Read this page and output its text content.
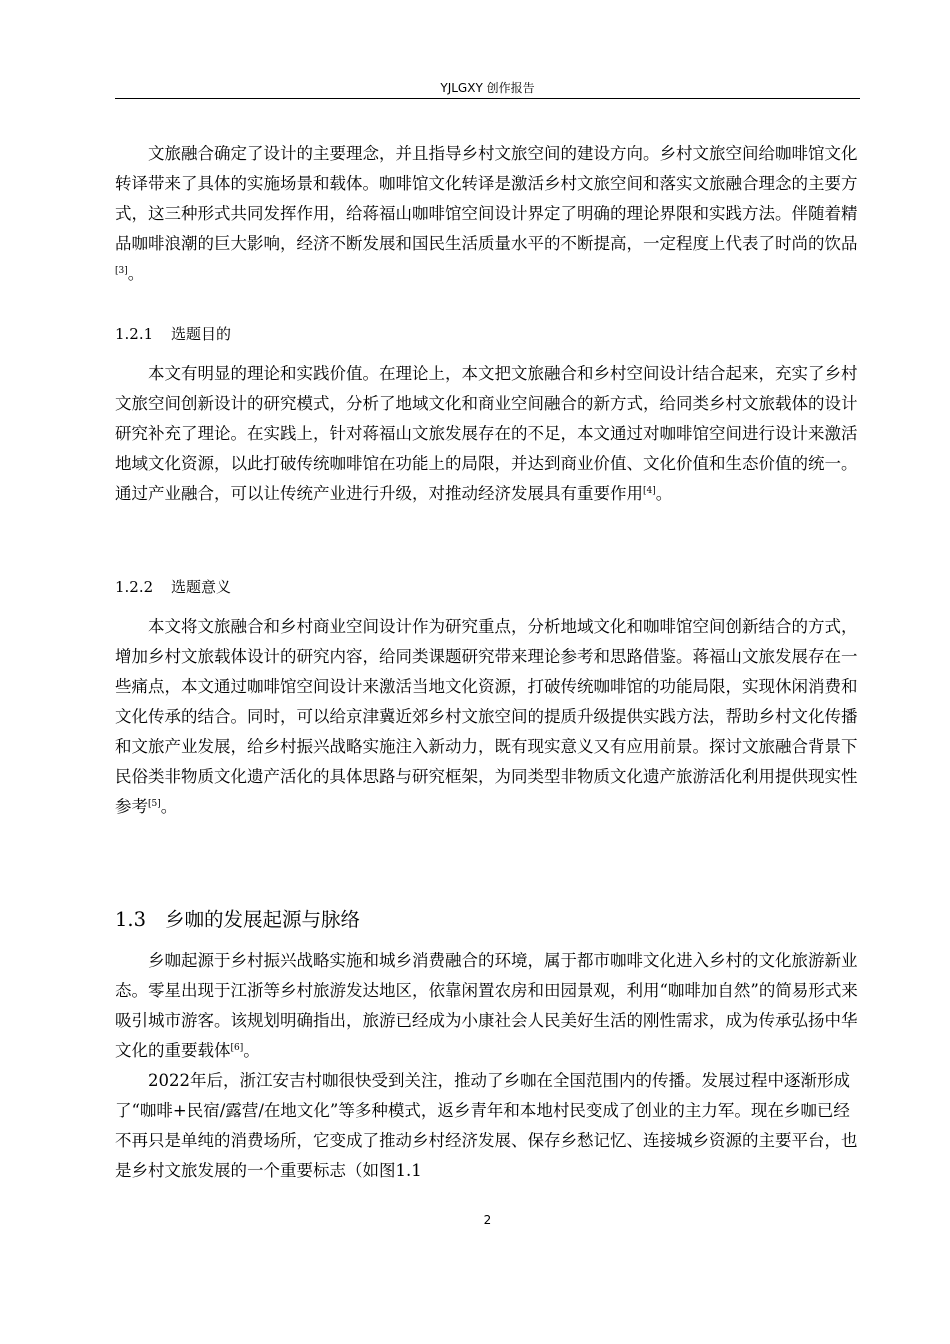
YJLGXY 创作报告

文旅融合确定了设计的主要理念，并且指导乡村文旅空间的建设方向。乡村文旅空间给咖啡馆文化转译带来了具体的实施场景和载体。咖啡馆文化转译是激活乡村文旅空间和落实文旅融合理念的主要方式，这三种形式共同发挥作用，给蒋福山咖啡馆空间设计界定了明确的理论界限和实践方法。伴随着精品咖啡浪潮的巨大影响，经济不断发展和国民生活质量水平的不断提高，一定程度上代表了时尚的饮品[3]。

1.2.1 选题目的

本文有明显的理论和实践价值。在理论上，本文把文旅融合和乡村空间设计结合起来，充实了乡村文旅空间创新设计的研究模式，分析了地域文化和商业空间融合的新方式，给同类乡村文旅载体的设计研究补充了理论。在实践上，针对蒋福山文旅发展存在的不足，本文通过对咖啡馆空间进行设计来激活地域文化资源，以此打破传统咖啡馆在功能上的局限，并达到商业价值、文化价值和生态价值的统一。通过产业融合，可以让传统产业进行升级，对推动经济发展具有重要作用[4]。

1.2.2 选题意义

本文将文旅融合和乡村商业空间设计作为研究重点，分析地域文化和咖啡馆空间创新结合的方式，增加乡村文旅载体设计的研究内容，给同类课题研究带来理论参考和思路借鉴。蒋福山文旅发展存在一些痛点，本文通过咖啡馆空间设计来激活当地文化资源，打破传统咖啡馆的功能局限，实现休闲消费和文化传承的结合。同时，可以给京津冀近郊乡村文旅空间的提质升级提供实践方法，帮助乡村文化传播和文旅产业发展，给乡村振兴战略实施注入新动力，既有现实意义又有应用前景。探讨文旅融合背景下民俗类非物质文化遗产活化的具体思路与研究框架，为同类型非物质文化遗产旅游活化利用提供现实性参考[5]。

1.3 乡咖的发展起源与脉络

乡咖起源于乡村振兴战略实施和城乡消费融合的环境，属于都市咖啡文化进入乡村的文化旅游新业态。零星出现于江浙等乡村旅游发达地区，依靠闲置农房和田园景观，利用“咖啡加自然”的简易形式来吸引城市游客。该规划明确指出，旅游已经成为小康社会人民美好生活的刚性需求，成为传承弘扬中华文化的重要载体[6]。

2022年后，浙江安吉村咖很快受到关注，推动了乡咖在全国范围内的传播。发展过程中逐渐形成了“咖啡+民宿/露营/在地文化”等多种模式，返乡青年和本地村民变成了创业的主力军。现在乡咖已经不再只是单纯的消费场所，它变成了推动乡村经济发展、保存乡愁记忆、连接城乡资源的主要平台，也是乡村文旅发展的一个重要标志（如图1.1

2
